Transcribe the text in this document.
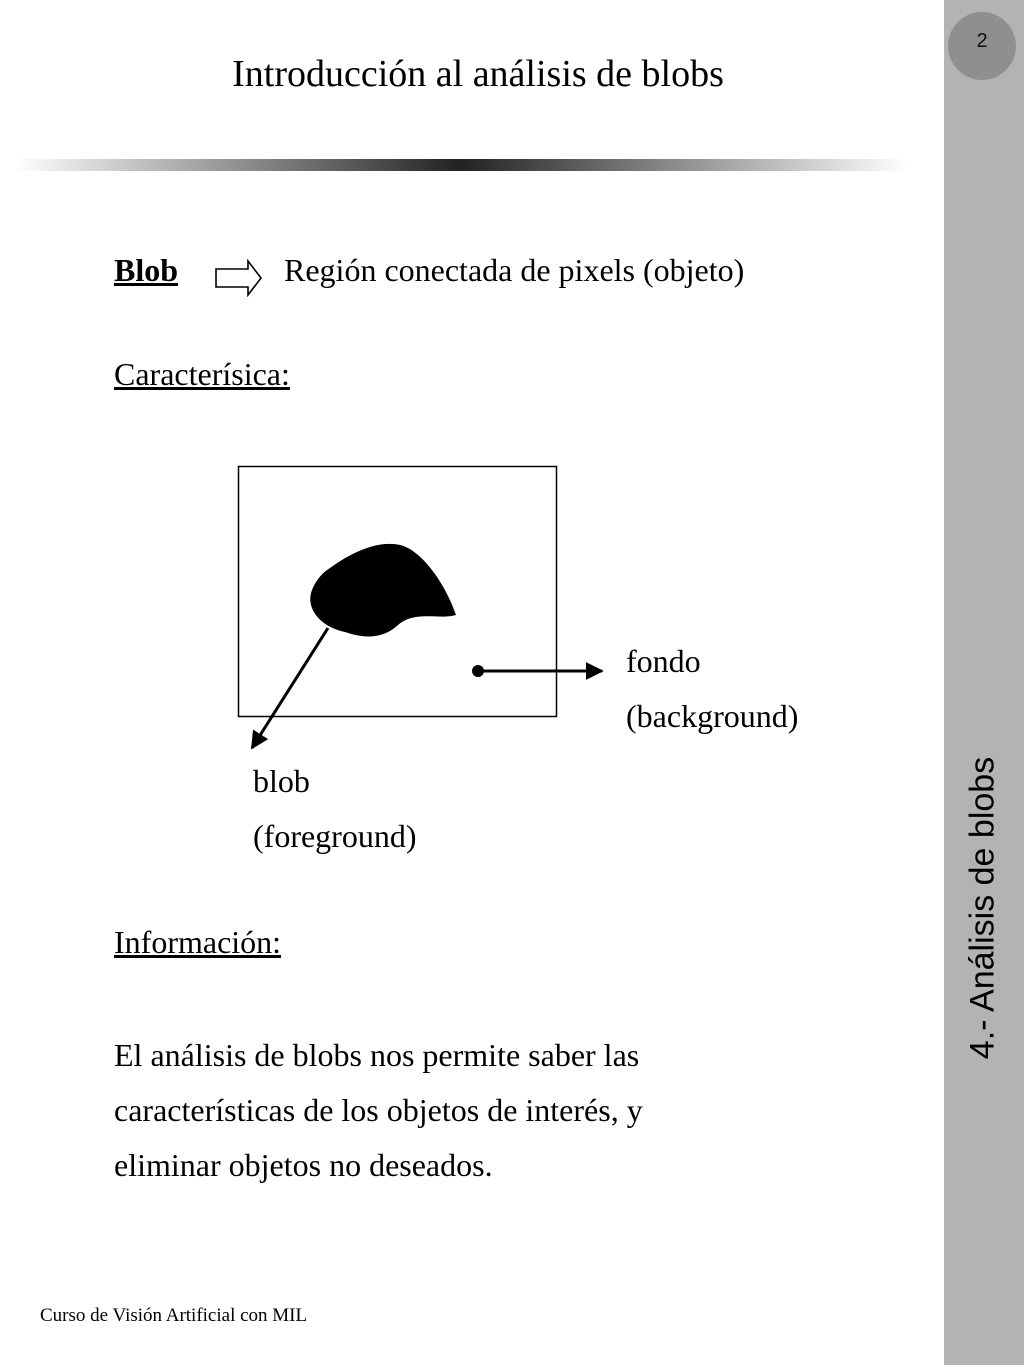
2
4.- Análisis de blobs
Introducción al análisis de blobs
Blob	Región conectada de pixels (objeto)
Caracterísica:
fondo
(background)
blob
(foreground)
Información:
El análisis de blobs nos permite saber las
características de los objetos de interés, y
eliminar objetos no deseados.
Curso de Visión Artificial con MIL
